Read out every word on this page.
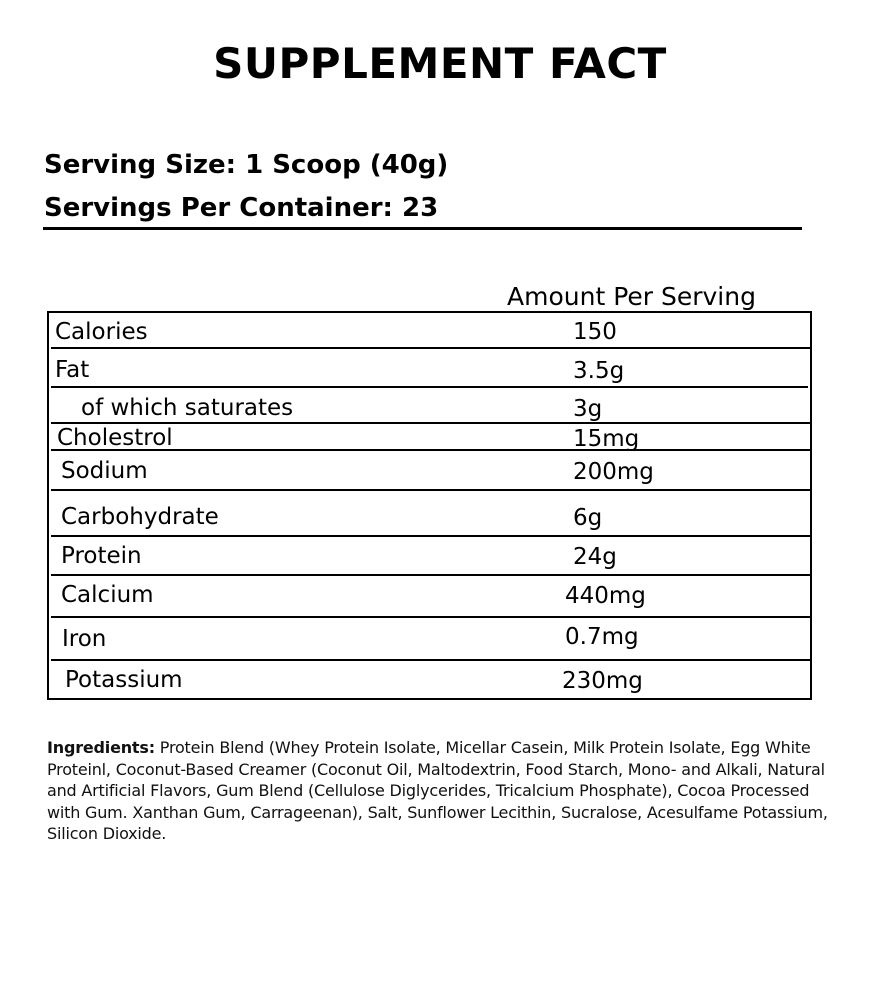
SUPPLEMENT FACT
Serving Size: 1 Scoop (40g)
Servings Per Container: 23
Amount Per Serving
Calories	150
Fat	3.5g
of which saturates	3g
Cholestrol	15mg
Sodium	200mg
Carbohydrate	6g
Protein	24g
Calcium	440mg
Iron	0.7mg
Potassium	230mg
Ingredients: Protein Blend (Whey Protein Isolate, Micellar Casein, Milk Protein Isolate, Egg White Proteinl, Coconut-Based Creamer (Coconut Oil, Maltodextrin, Food Starch, Mono- and Alkali, Natural and Artificial Flavors, Gum Blend (Cellulose Diglycerides, Tricalcium Phosphate), Cocoa Processed with Gum. Xanthan Gum, Carrageenan), Salt, Sunflower Lecithin, Sucralose, Acesulfame Potassium, Silicon Dioxide.
